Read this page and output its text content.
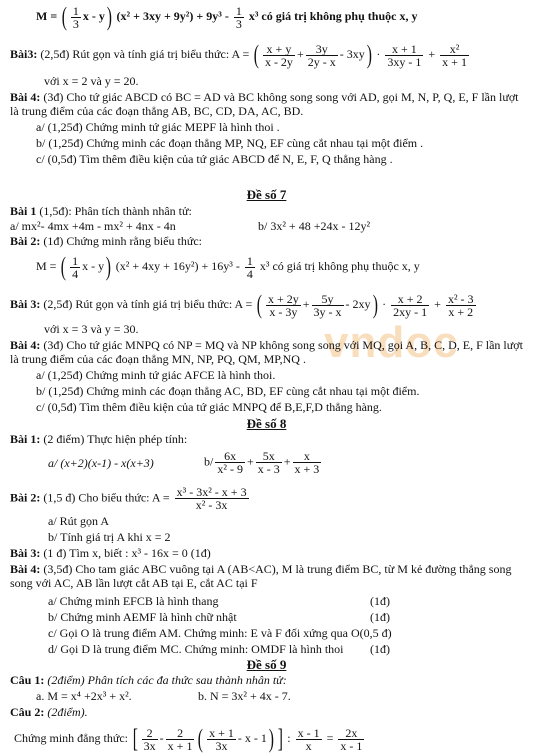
vndoc
M = ( $\frac{1}{3}$ x - y) $(x^2 + 3xy + 9y^2) + 9y^3 - \frac{1}{3} x^3$ có giá trị không phụ thuộc x, y
Bài3: (2,5đ) Rút gọn và tính giá trị biểu thức: A = ( $\frac{x + y}{x - 2y} + \frac{3y}{2y - x} - 3xy) \cdot \frac{x + 1}{3xy - 1} + \frac{\text{x²}}{x + 1}$
với x = 2 và y = 20.
Bài 4: (3đ) Cho tứ giác ABCD có BC = AD và BC không song song với AD, gọi M, N, P, Q, E, F lần lượt là trung điểm của các đoạn thẳng AB, BC, CD, DA, AC, BD.
a/ (1,25đ) Chứng minh tứ giác MEPF là hình thoi .
b/ (1,25đ) Chứng minh các đoạn thẳng MP, NQ, EF cùng cắt nhau tại một điểm .
c/ (0,5đ) Tìm thêm điều kiện của tứ giác ABCD để N, E, F, Q thẳng hàng .
Đề số 7
Bài 1 (1,5đ): Phân tích thành nhân tử:
a/ mx²- 4mx +4m - mx² + 4nx - 4n	b/ 3x² + 48 +24x - 12y²
Bài 2: (1đ) Chứng minh rằng biểu thức:
M = ( $\frac{1}{4}$ x - y) $(x^2 + 4xy + 16y^2) + 16y^3 - \frac{1}{4} x^3$ có giá trị không phụ thuộc x, y
Bài 3: (2,5đ) Rút gọn và tính giá trị biểu thức: A = ( $\frac{x + 2y}{x - 3y} + \frac{5y}{3y - x} - 2xy) \cdot \frac{x + 2}{2xy - 1} + \frac{\text{x² - 3}}{x + 2}$
với x = 3 và y = 30.
Bài 4: (3đ) Cho tứ giác MNPQ có NP = MQ và NP không song song với MQ, gọi A, B, C, D, E, F lần lượt là trung điểm của các đoạn thẳng MN, NP, PQ, QM, MP,NQ .
a/ (1,25đ) Chứng minh tứ giác AFCE là hình thoi.
b/ (1,25đ) Chứng minh các đoạn thẳng AC, BD, EF cùng cắt nhau tại một điểm.
c/ (0,5đ) Tìm thêm điều kiện của tứ giác MNPQ để B,E,F,D thẳng hàng.
Đề số 8
Bài 1: (2 điểm) Thực hiện phép tính:
a/ (x+2)(x-1) - x(x+3)	$b/ \frac{6x}{\text{x² - 9}} + \frac{5x}{x - 3} + \frac{x}{x + 3}$
Bài 2: (1,5 đ) Cho biểu thức: $A = \frac{\text{x³ - 3x² - x + 3}}{\text{x² - 3x}}$
a/ Rút gọn A
b/ Tính giá trị A khi x = 2
Bài 3: (1 đ) Tìm x, biết : x³ - 16x = 0 (1đ)
Bài 4: (3,5đ) Cho tam giác ABC vuông tại A (AB<AC), M là trung điểm BC, từ M kẻ đường thẳng song song với AC, AB lần lượt cắt AB tại E, cắt AC tại F
a/ Chứng minh EFCB là hình thang	(1đ)
b/ Chứng minh AEMF là hình chữ nhật	(1đ)
c/ Gọi O là trung điểm AM. Chứng minh: E và F đối xứng qua O(0,5 đ)
d/ Gọi D là trung điểm MC. Chứng minh: OMDF là hình thoi (1đ)
Đề số 9
Câu 1: (2điểm) Phân tích các đa thức sau thành nhân tử:
a. M = x⁴ +2x³ + x².	b. N = 3x² + 4x - 7.
Câu 2: (2điểm).
Chứng minh đẳng thức: [ $\frac{2}{3x} - \frac{2}{x + 1}$ ( $\frac{x + 1}{3x}$ - x - 1) ] : $\frac{x - 1}{x} = \frac{2x}{x - 1}$
